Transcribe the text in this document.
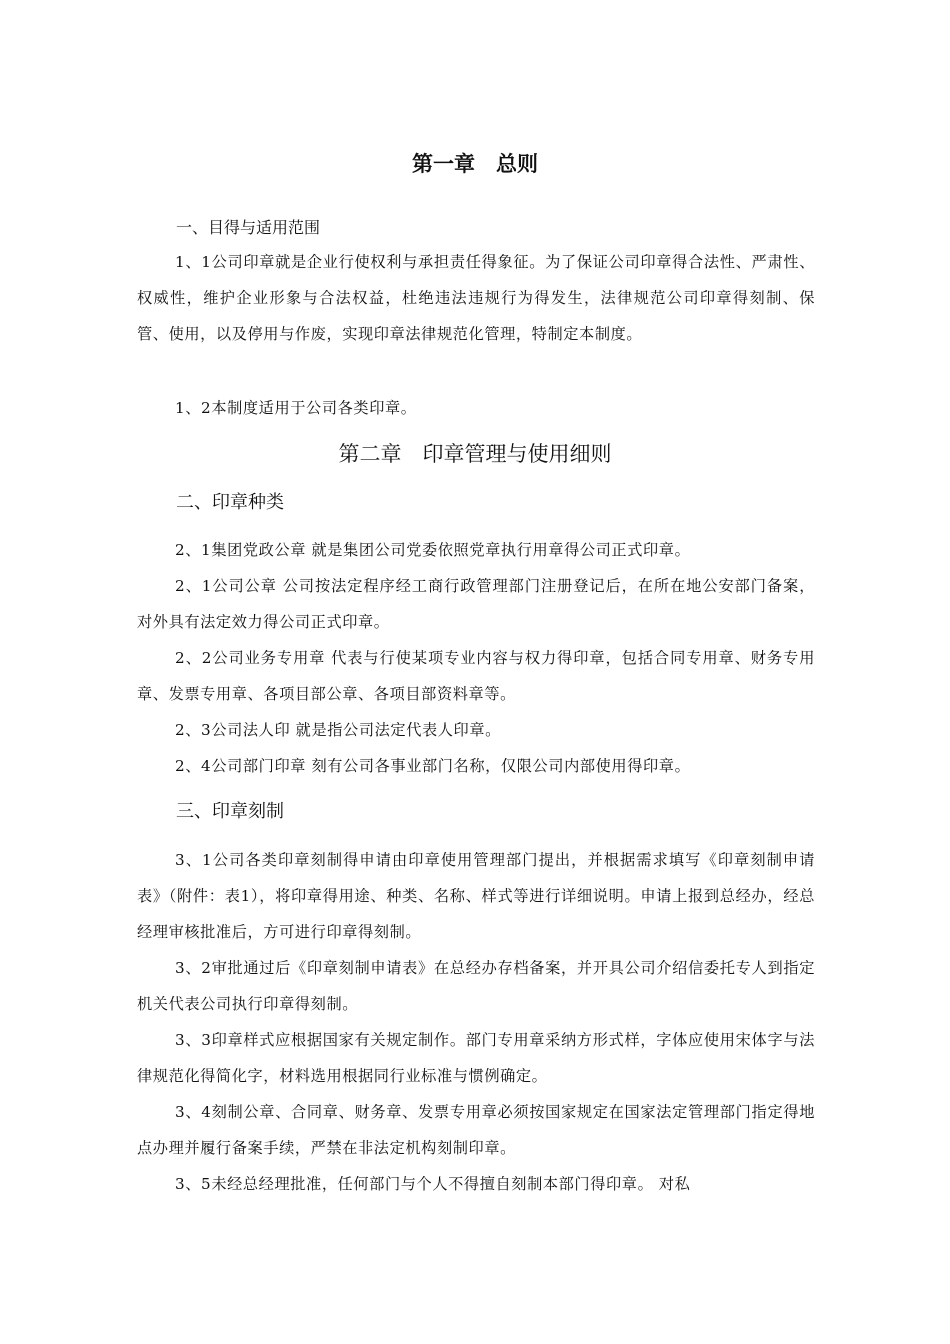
第一章　总则
一、目得与适用范围

1、1公司印章就是企业行使权利与承担责任得象征。为了保证公司印章得合法性、严肃性、权威性，维护企业形象与合法权益，杜绝违法违规行为得发生，法律规范公司印章得刻制、保管、使用，以及停用与作废，实现印章法律规范化管理，特制定本制度。

1、2本制度适用于公司各类印章。

第二章　印章管理与使用细则
二、印章种类

2、1集团党政公章 就是集团公司党委依照党章执行用章得公司正式印章。

2、1公司公章 公司按法定程序经工商行政管理部门注册登记后，在所在地公安部门备案，对外具有法定效力得公司正式印章。

2、2公司业务专用章 代表与行使某项专业内容与权力得印章，包括合同专用章、财务专用章、发票专用章、各项目部公章、各项目部资料章等。

2、3公司法人印 就是指公司法定代表人印章。

2、4公司部门印章 刻有公司各事业部门名称，仅限公司内部使用得印章。

三、印章刻制

3、1公司各类印章刻制得申请由印章使用管理部门提出，并根据需求填写《印章刻制申请表》（附件：表1），将印章得用途、种类、名称、样式等进行详细说明。申请上报到总经办，经总经理审核批准后，方可进行印章得刻制。

3、2审批通过后《印章刻制申请表》在总经办存档备案，并开具公司介绍信委托专人到指定机关代表公司执行印章得刻制。

3、3印章样式应根据国家有关规定制作。部门专用章采纳方形式样，字体应使用宋体字与法律规范化得简化字，材料选用根据同行业标准与惯例确定。

3、4刻制公章、合同章、财务章、发票专用章必须按国家规定在国家法定管理部门指定得地点办理并履行备案手续，严禁在非法定机构刻制印章。

3、5未经总经理批准，任何部门与个人不得擅自刻制本部门得印章。 对私
